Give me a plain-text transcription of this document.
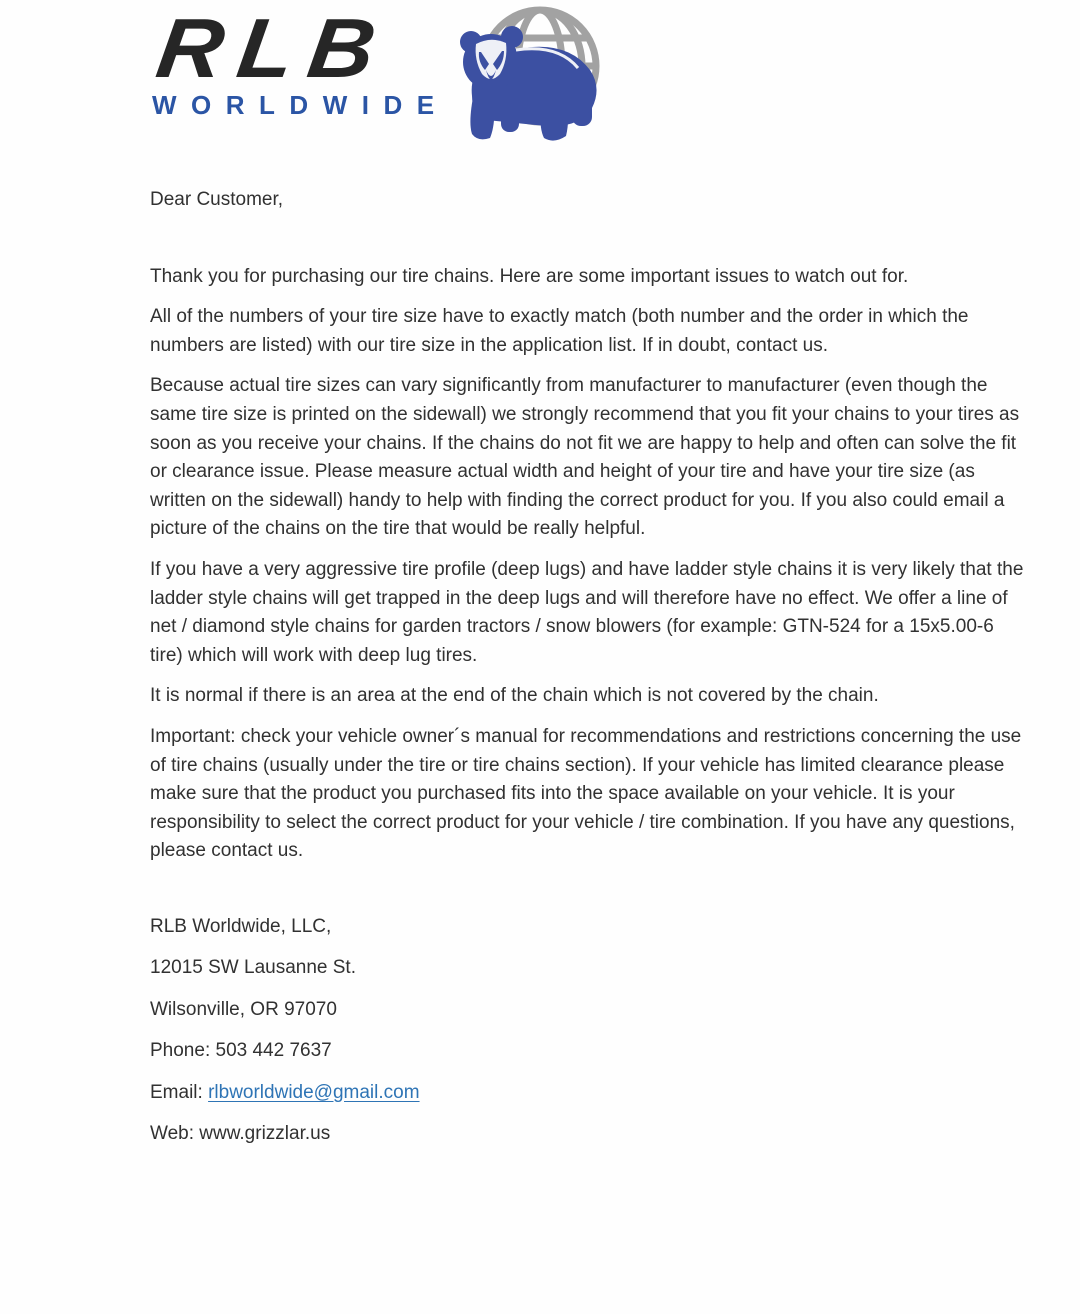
RLB
WORLDWIDE

Dear Customer,

Thank you for purchasing our tire chains. Here are some important issues to watch out for.

All of the numbers of your tire size have to exactly match (both number and the order in which the numbers are listed) with our tire size in the application list. If in doubt, contact us.

Because actual tire sizes can vary significantly from manufacturer to manufacturer (even though the same tire size is printed on the sidewall) we strongly recommend that you fit your chains to your tires as soon as you receive your chains. If the chains do not fit we are happy to help and often can solve the fit or clearance issue. Please measure actual width and height of your tire and have your tire size (as written on the sidewall) handy to help with finding the correct product for you. If you also could email a picture of the chains on the tire that would be really helpful.

If you have a very aggressive tire profile (deep lugs) and have ladder style chains it is very likely that the ladder style chains will get trapped in the deep lugs and will therefore have no effect. We offer a line of net / diamond style chains for garden tractors / snow blowers (for example: GTN-524 for a 15x5.00-6 tire) which will work with deep lug tires.

It is normal if there is an area at the end of the chain which is not covered by the chain.

Important: check your vehicle owner´s manual for recommendations and restrictions concerning the use of tire chains (usually under the tire or tire chains section). If your vehicle has limited clearance please make sure that the product you purchased fits into the space available on your vehicle. It is your responsibility to select the correct product for your vehicle / tire combination. If you have any questions, please contact us.

RLB Worldwide, LLC,

12015 SW Lausanne St.

Wilsonville, OR 97070

Phone: 503 442 7637

Email: rlbworldwide@gmail.com

Web: www.grizzlar.us
